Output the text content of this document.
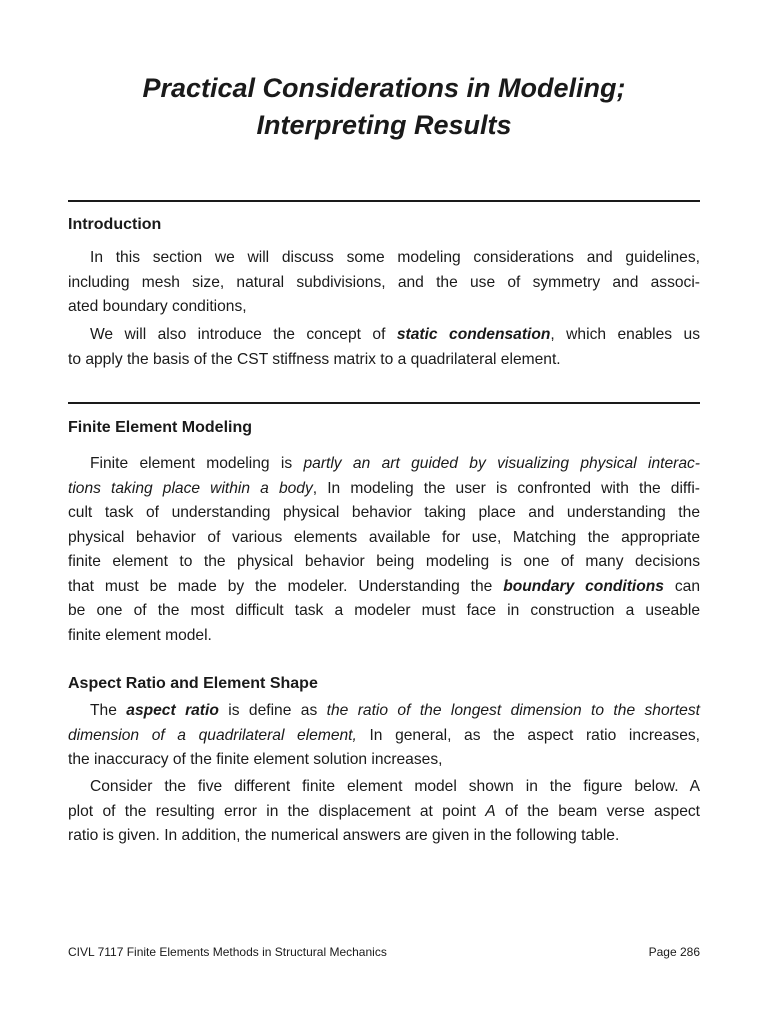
Practical Considerations in Modeling;
Interpreting Results
Introduction
In this section we will discuss some modeling considerations and guidelines,
including mesh size, natural subdivisions, and the use of symmetry and associ-
ated boundary conditions,
We will also introduce the concept of static condensation, which enables us
to apply the basis of the CST stiffness matrix to a quadrilateral element.
Finite Element Modeling
Finite element modeling is partly an art guided by visualizing physical interac-
tions taking place within a body, In modeling the user is confronted with the diffi-
cult task of understanding physical behavior taking place and understanding the
physical behavior of various elements available for use, Matching the appropriate
finite element to the physical behavior being modeling is one of many decisions
that must be made by the modeler. Understanding the boundary conditions can
be one of the most difficult task a modeler must face in construction a useable
finite element model.
Aspect Ratio and Element Shape
The aspect ratio is define as the ratio of the longest dimension to the shortest
dimension of a quadrilateral element, In general, as the aspect ratio increases,
the inaccuracy of the finite element solution increases,
Consider the five different finite element model shown in the figure below. A
plot of the resulting error in the displacement at point A of the beam verse aspect
ratio is given. In addition, the numerical answers are given in the following table.
CIVL 7117 Finite Elements Methods in Structural Mechanics	Page 286
